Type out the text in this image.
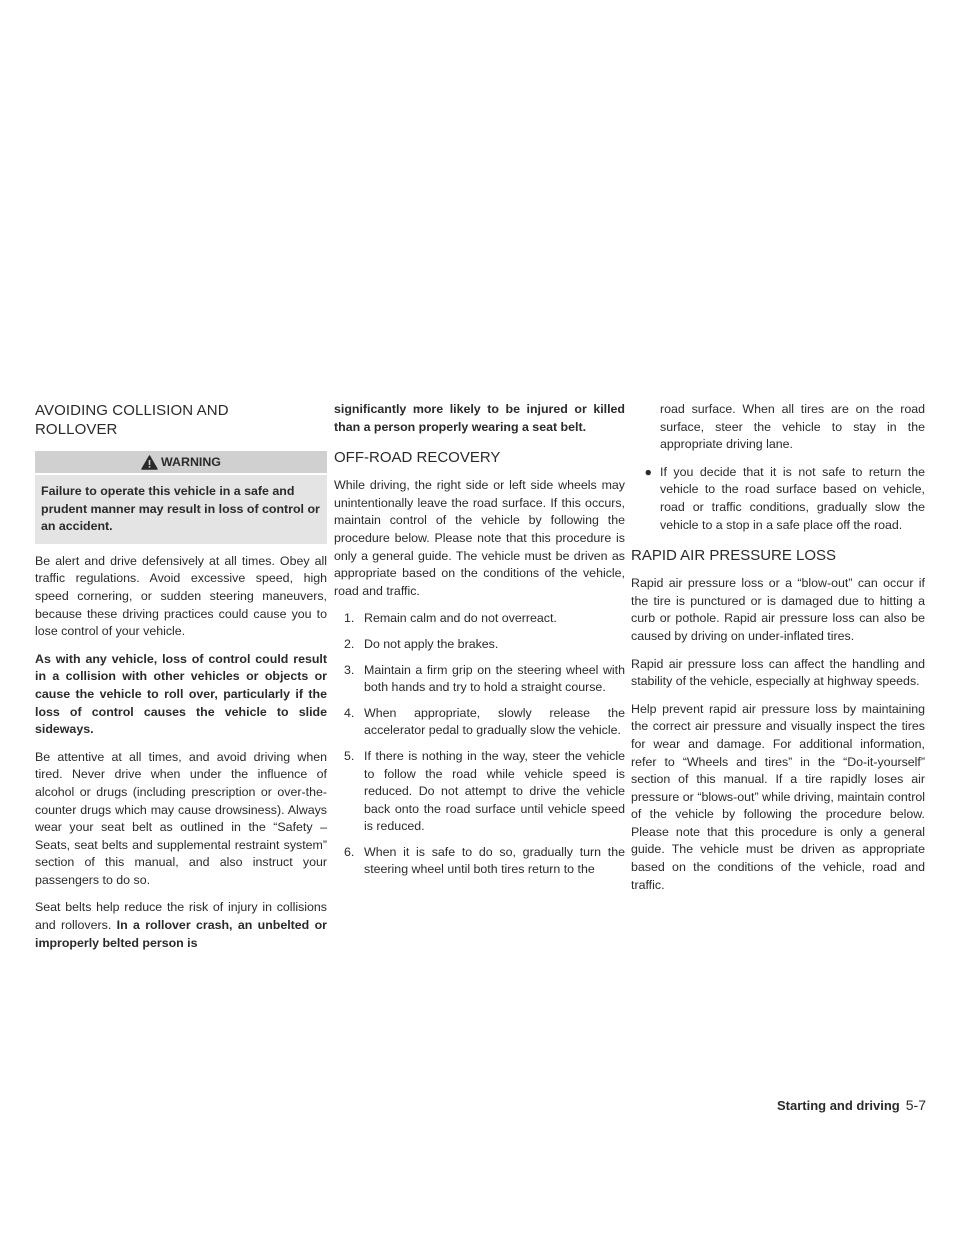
AVOIDING COLLISION AND
ROLLOVER
WARNING
Failure to operate this vehicle in a safe and prudent manner may result in loss of control or an accident.

Be alert and drive defensively at all times. Obey all traffic regulations. Avoid excessive speed, high speed cornering, or sudden steering maneuvers, because these driving practices could cause you to lose control of your vehicle.

As with any vehicle, loss of control could result in a collision with other vehicles or objects or cause the vehicle to roll over, particularly if the loss of control causes the vehicle to slide sideways.

Be attentive at all times, and avoid driving when tired. Never drive when under the influence of alcohol or drugs (including prescription or over-the-counter drugs which may cause drowsiness). Always wear your seat belt as outlined in the “Safety – Seats, seat belts and supplemental restraint system” section of this manual, and also instruct your passengers to do so.

Seat belts help reduce the risk of injury in collisions and rollovers. In a rollover crash, an unbelted or improperly belted person is

significantly more likely to be injured or killed than a person properly wearing a seat belt.

OFF-ROAD RECOVERY

While driving, the right side or left side wheels may unintentionally leave the road surface. If this occurs, maintain control of the vehicle by following the procedure below. Please note that this procedure is only a general guide. The vehicle must be driven as appropriate based on the conditions of the vehicle, road and traffic.

1. Remain calm and do not overreact.
2. Do not apply the brakes.
3. Maintain a firm grip on the steering wheel with both hands and try to hold a straight course.
4. When appropriate, slowly release the accelerator pedal to gradually slow the vehicle.
5. If there is nothing in the way, steer the vehicle to follow the road while vehicle speed is reduced. Do not attempt to drive the vehicle back onto the road surface until vehicle speed is reduced.
6. When it is safe to do so, gradually turn the steering wheel until both tires return to the
road surface. When all tires are on the road surface, steer the vehicle to stay in the appropriate driving lane.
● If you decide that it is not safe to return the vehicle to the road surface based on vehicle, road or traffic conditions, gradually slow the vehicle to a stop in a safe place off the road.
RAPID AIR PRESSURE LOSS

Rapid air pressure loss or a “blow-out” can occur if the tire is punctured or is damaged due to hitting a curb or pothole. Rapid air pressure loss can also be caused by driving on under-inflated tires.

Rapid air pressure loss can affect the handling and stability of the vehicle, especially at highway speeds.

Help prevent rapid air pressure loss by maintaining the correct air pressure and visually inspect the tires for wear and damage. For additional information, refer to “Wheels and tires” in the “Do-it-yourself” section of this manual. If a tire rapidly loses air pressure or “blows-out” while driving, maintain control of the vehicle by following the procedure below. Please note that this procedure is only a general guide. The vehicle must be driven as appropriate based on the conditions of the vehicle, road and traffic.

Starting and driving 5-7
